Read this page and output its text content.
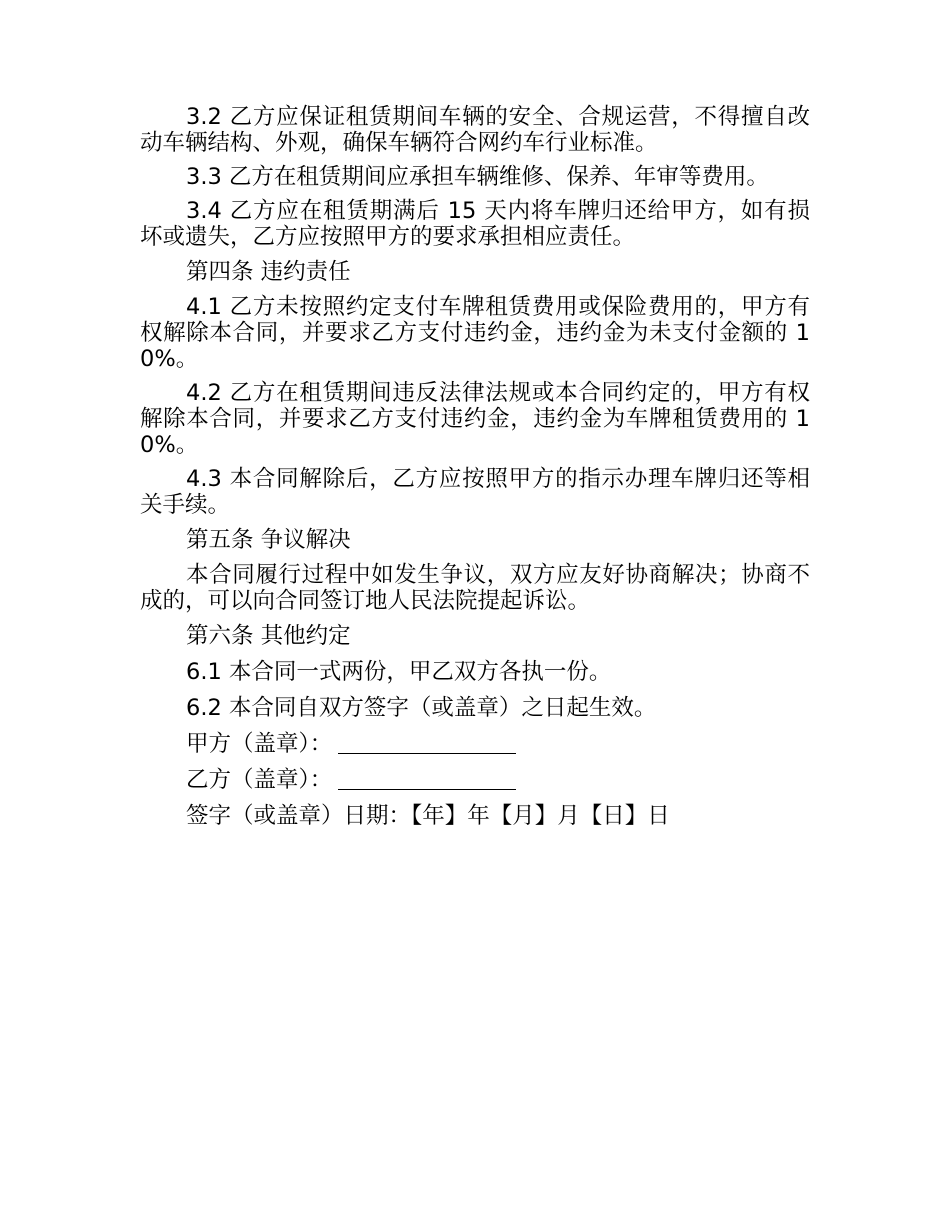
3.2 乙方应保证租赁期间车辆的安全、合规运营，不得擅自改动车辆结构、外观，确保车辆符合网约车行业标准。

3.3 乙方在租赁期间应承担车辆维修、保养、年审等费用。

3.4 乙方应在租赁期满后 15 天内将车牌归还给甲方，如有损坏或遗失，乙方应按照甲方的要求承担相应责任。

第四条 违约责任

4.1 乙方未按照约定支付车牌租赁费用或保险费用的，甲方有权解除本合同，并要求乙方支付违约金，违约金为未支付金额的 10%。

4.2 乙方在租赁期间违反法律法规或本合同约定的，甲方有权解除本合同，并要求乙方支付违约金，违约金为车牌租赁费用的 10%。

4.3 本合同解除后，乙方应按照甲方的指示办理车牌归还等相关手续。

第五条 争议解决

本合同履行过程中如发生争议，双方应友好协商解决；协商不成的，可以向合同签订地人民法院提起诉讼。

第六条 其他约定

6.1 本合同一式两份，甲乙双方各执一份。

6.2 本合同自双方签字（或盖章）之日起生效。

甲方（盖章）：

乙方（盖章）：

签字（或盖章）日期：【年】年【月】月【日】日
